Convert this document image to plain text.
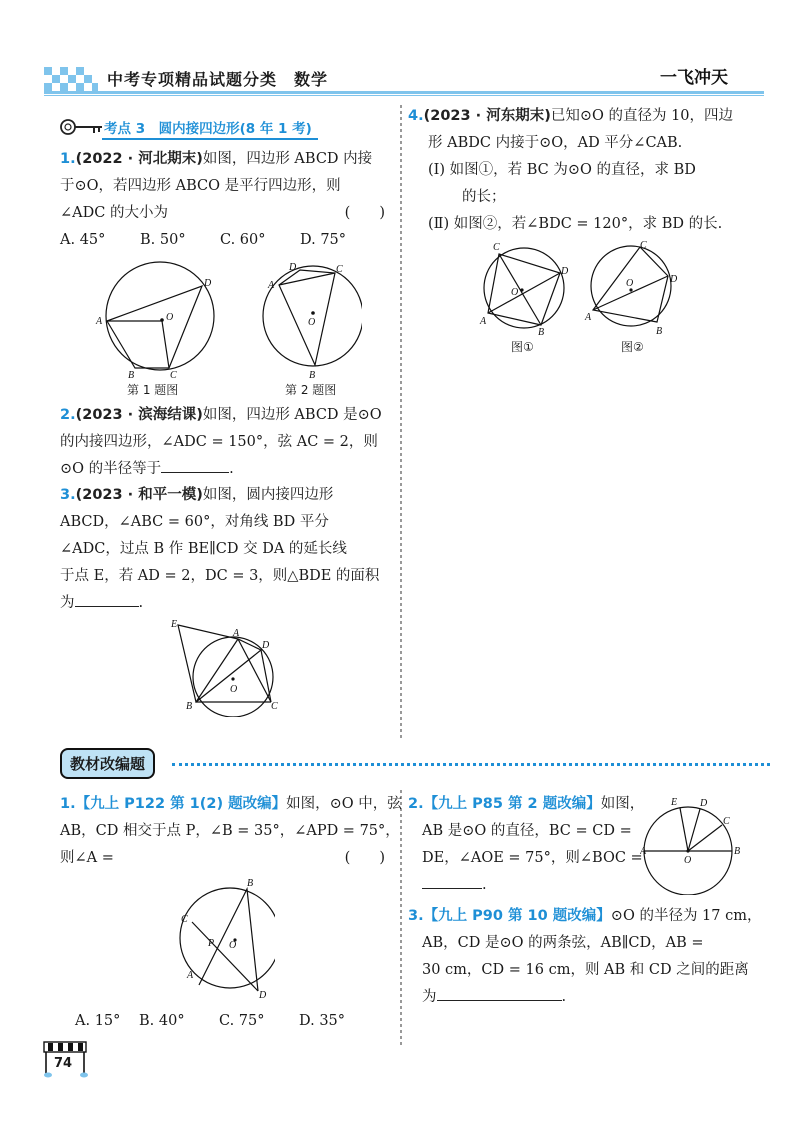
中考专项精品试题分类　数学	一飞冲天
考点 3　圆内接四边形(8 年 1 考)

1.(2022 · 河北期末)如图，四边形 ABCD 内接

于⊙O，若四边形 ABCO 是平行四边形，则

∠ADC 的大小为	(　　)

A. 45° B. 50° C. 60° D. 75°

A
D
O
B	C
第 1 题图
A
D	C
O
B
第 2 题图

2.(2023 · 滨海结课)如图，四边形 ABCD 是⊙O

的内接四边形，∠ADC = 150°，弦 AC = 2，则

⊙O 的半径等于	.

3.(2023 · 和平一模)如图，圆内接四边形

ABCD，∠ABC = 60°，对角线 BD 平分

∠ADC，过点 B 作 BE∥CD 交 DA 的延长线

于点 E，若 AD = 2，DC = 3，则△BDE 的面积

为	.

E
A
D
O
B	C

4.(2023 · 河东期末)已知⊙O 的直径为 10，四边

形 ABDC 内接于⊙O，AD 平分∠CAB.

(Ⅰ) 如图①，若 BC 为⊙O 的直径，求 BD

的长；

(Ⅱ) 如图②，若∠BDC = 120°，求 BD 的长.

C
D
O
A
B
图①
C
D
O
A
B
图②
教材改编题

1.【九上 P122 第 1(2) 题改编】如图，⊙O 中，弦

AB，CD 相交于点 P，∠B = 35°，∠APD = 75°，

则∠A =	(　　)

B
C
P O
A
D

A. 15° B. 40° C. 75° D. 35°

2.【九上 P85 第 2 题改编】如图，

AB 是⊙O 的直径，BC = CD =

DE，∠AOE = 75°，则∠BOC =

.

E D
C
A
O
B

3.【九上 P90 第 10 题改编】⊙O 的半径为 17 cm，

AB，CD 是⊙O 的两条弦，AB∥CD，AB =

30 cm，CD = 16 cm，则 AB 和 CD 之间的距离

为	.

74
